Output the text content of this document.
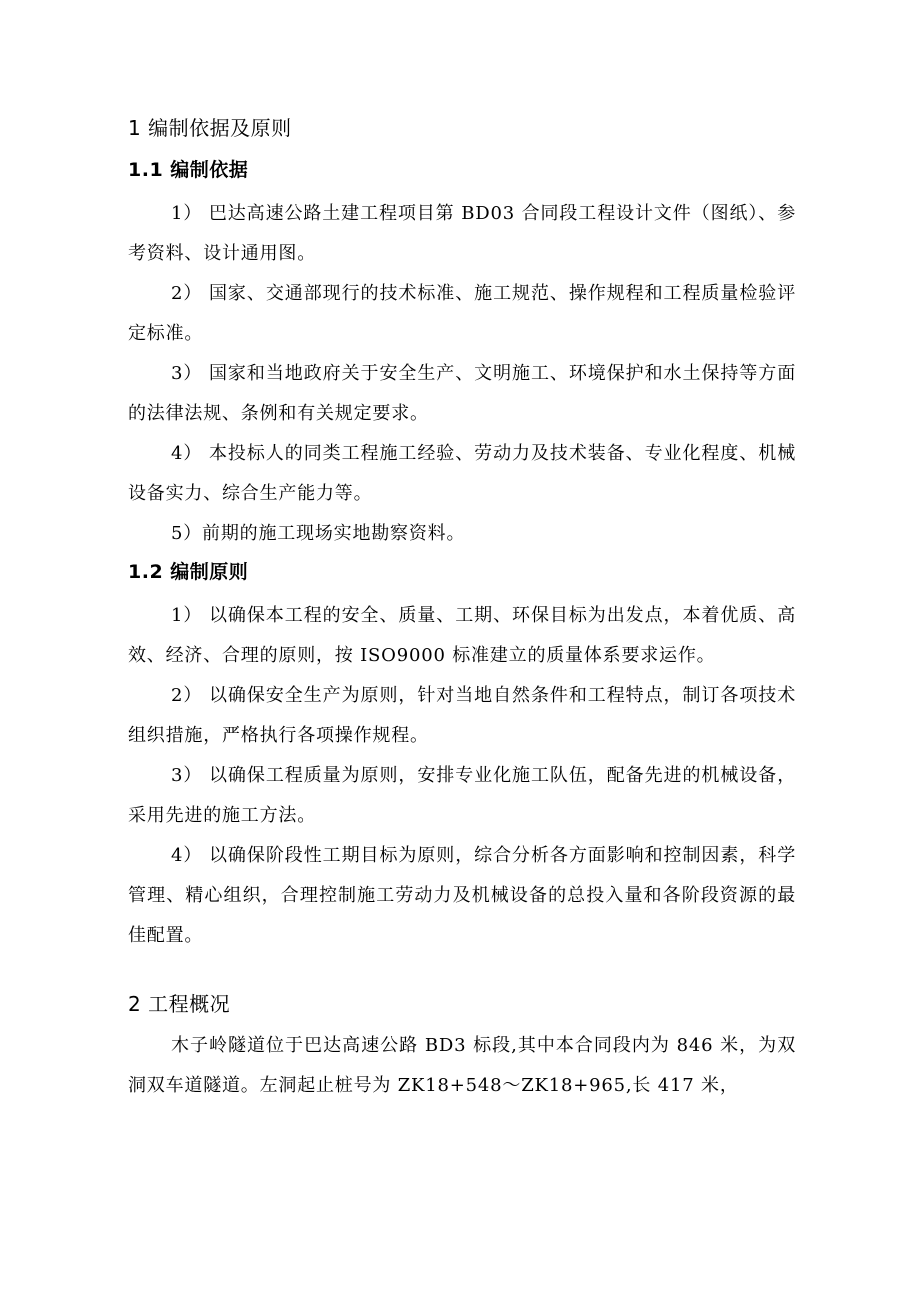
1 编制依据及原则
1.1 编制依据

1） 巴达高速公路土建工程项目第 BD03 合同段工程设计文件（图纸）、参考资料、设计通用图。

2） 国家、交通部现行的技术标准、施工规范、操作规程和工程质量检验评定标准。

3） 国家和当地政府关于安全生产、文明施工、环境保护和水土保持等方面的法律法规、条例和有关规定要求。

4） 本投标人的同类工程施工经验、劳动力及技术装备、专业化程度、机械设备实力、综合生产能力等。

5）前期的施工现场实地勘察资料。

1.2 编制原则

1） 以确保本工程的安全、质量、工期、环保目标为出发点，本着优质、高效、经济、合理的原则，按 ISO9000 标准建立的质量体系要求运作。

2） 以确保安全生产为原则，针对当地自然条件和工程特点，制订各项技术组织措施，严格执行各项操作规程。

3） 以确保工程质量为原则，安排专业化施工队伍，配备先进的机械设备，采用先进的施工方法。

4） 以确保阶段性工期目标为原则，综合分析各方面影响和控制因素，科学管理、精心组织，合理控制施工劳动力及机械设备的总投入量和各阶段资源的最佳配置。

2 工程概况

木子岭隧道位于巴达高速公路 BD3 标段,其中本合同段内为 846 米，为双洞双车道隧道。左洞起止桩号为 ZK18+548～ZK18+965,长 417 米，
